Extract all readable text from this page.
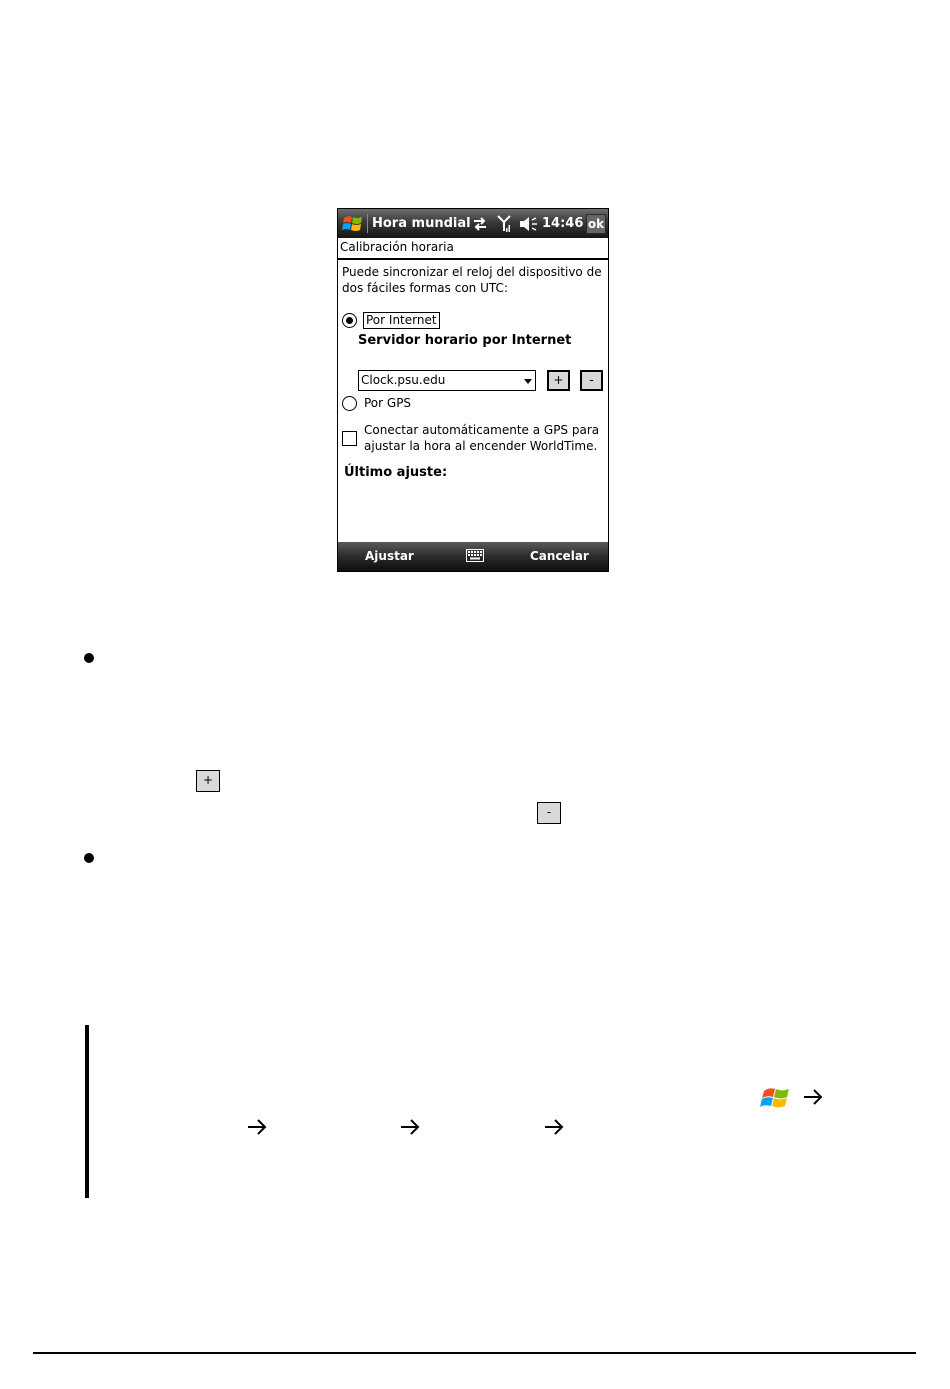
Hora mundial	14:46 ok
Calibración horaria
Puede sincronizar el reloj del dispositivo de dos fáciles formas con UTC:
Por Internet
Servidor horario por Internet
Clock.psu.edu	+	-
Por GPS
Conectar automáticamente a GPS para ajustar la hora al encender WorldTime.
Último ajuste:
Ajustar	Cancelar
+
-
